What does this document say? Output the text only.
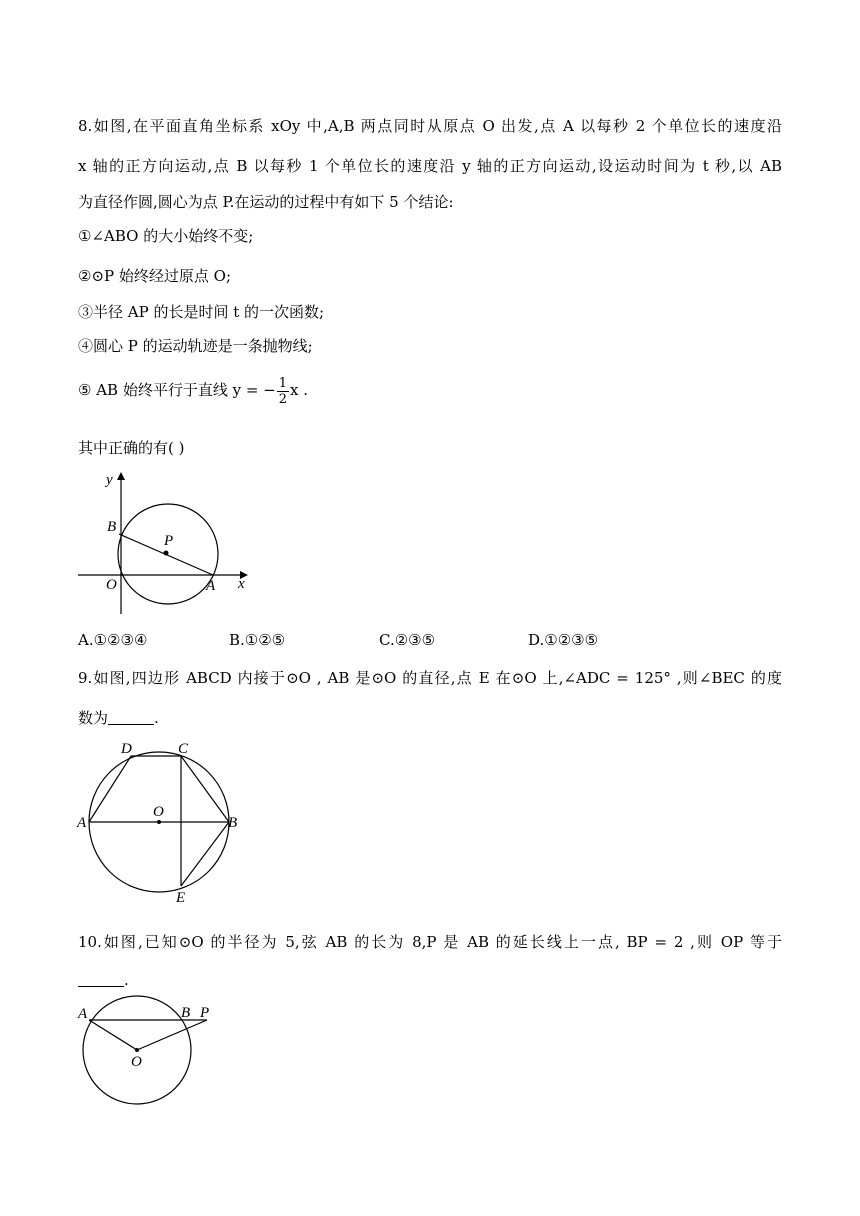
8.如图,在平面直角坐标系 xOy 中,A,B 两点同时从原点 O 出发,点 A 以每秒 2 个单位长的速度沿
x 轴的正方向运动,点 B 以每秒 1 个单位长的速度沿 y 轴的正方向运动,设运动时间为 t 秒,以 AB
为直径作圆,圆心为点 P.在运动的过程中有如下 5 个结论:
①∠ABO 的大小始终不变;
②⊙P 始终经过原点 O;
③半径 AP 的长是时间 t 的一次函数;
④圆心 P 的运动轨迹是一条抛物线;
⑤ AB 始终平行于直线 y = − $\frac{1}{2}$ x .
其中正确的有( )
y
x
B
P
O	A
A.①②③④	B.①②⑤	C.②③⑤	D.①②③⑤
9.如图,四边形 ABCD 内接于⊙O , AB 是⊙O 的直径,点 E 在⊙O 上,∠ADC = 125° ,则∠BEC 的度
数为	.
D	C
O
A	B
E
10.如图,已知⊙O 的半径为 5,弦 AB 的长为 8,P 是 AB 的延长线上一点, BP = 2 ,则 OP 等于
.
A	B P
O
